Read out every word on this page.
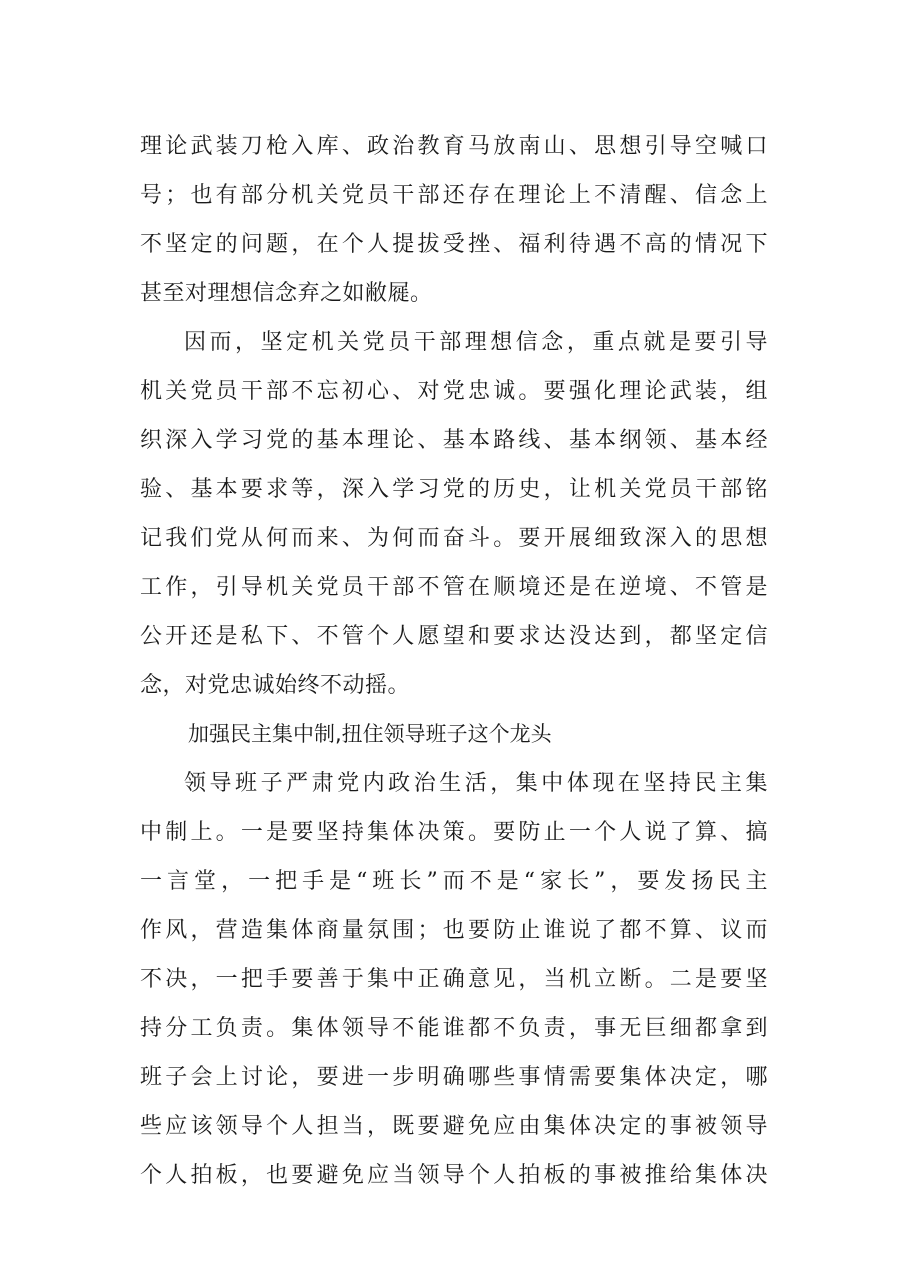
理论武装刀枪入库、政治教育马放南山、思想引导空喊口
号；也有部分机关党员干部还存在理论上不清醒、信念上
不坚定的问题，在个人提拔受挫、福利待遇不高的情况下
甚至对理想信念弃之如敝屣。
因而，坚定机关党员干部理想信念，重点就是要引导
机关党员干部不忘初心、对党忠诚。要强化理论武装，组
织深入学习党的基本理论、基本路线、基本纲领、基本经
验、基本要求等，深入学习党的历史，让机关党员干部铭
记我们党从何而来、为何而奋斗。要开展细致深入的思想
工作，引导机关党员干部不管在顺境还是在逆境、不管是
公开还是私下、不管个人愿望和要求达没达到，都坚定信
念，对党忠诚始终不动摇。
加强民主集中制,扭住领导班子这个龙头
领导班子严肃党内政治生活，集中体现在坚持民主集
中制上。一是要坚持集体决策。要防止一个人说了算、搞
一言堂，一把手是“班长”而不是“家长”，要发扬民主
作风，营造集体商量氛围；也要防止谁说了都不算、议而
不决，一把手要善于集中正确意见，当机立断。二是要坚
持分工负责。集体领导不能谁都不负责，事无巨细都拿到
班子会上讨论，要进一步明确哪些事情需要集体决定，哪
些应该领导个人担当，既要避免应由集体决定的事被领导
个人拍板，也要避免应当领导个人拍板的事被推给集体决
